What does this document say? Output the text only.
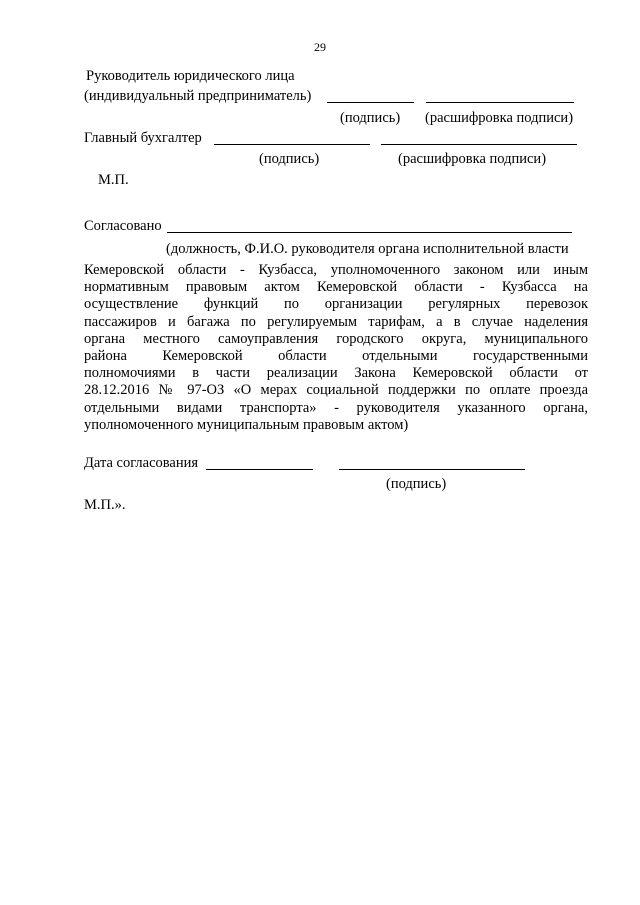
29
Руководитель юридического лица
(индивидуальный предприниматель)
(подпись) (расшифровка подписи)
Главный бухгалтер
(подпись)	(расшифровка подписи)
М.П.
Согласовано
(должность, Ф.И.О. руководителя органа исполнительной власти
Кемеровской области - Кузбасса, уполномоченного законом или иным
нормативным правовым актом Кемеровской области - Кузбасса на
осуществление функций по организации регулярных перевозок
пассажиров и багажа по регулируемым тарифам, а в случае наделения
органа местного самоуправления городского округа, муниципального
района Кемеровской области отдельными государственными
полномочиями в части реализации Закона Кемеровской области от
28.12.2016 № 97-ОЗ «О мерах социальной поддержки по оплате проезда
отдельными видами транспорта» - руководителя указанного органа,
уполномоченного муниципальным правовым актом)
Дата согласования
(подпись)
М.П.».
